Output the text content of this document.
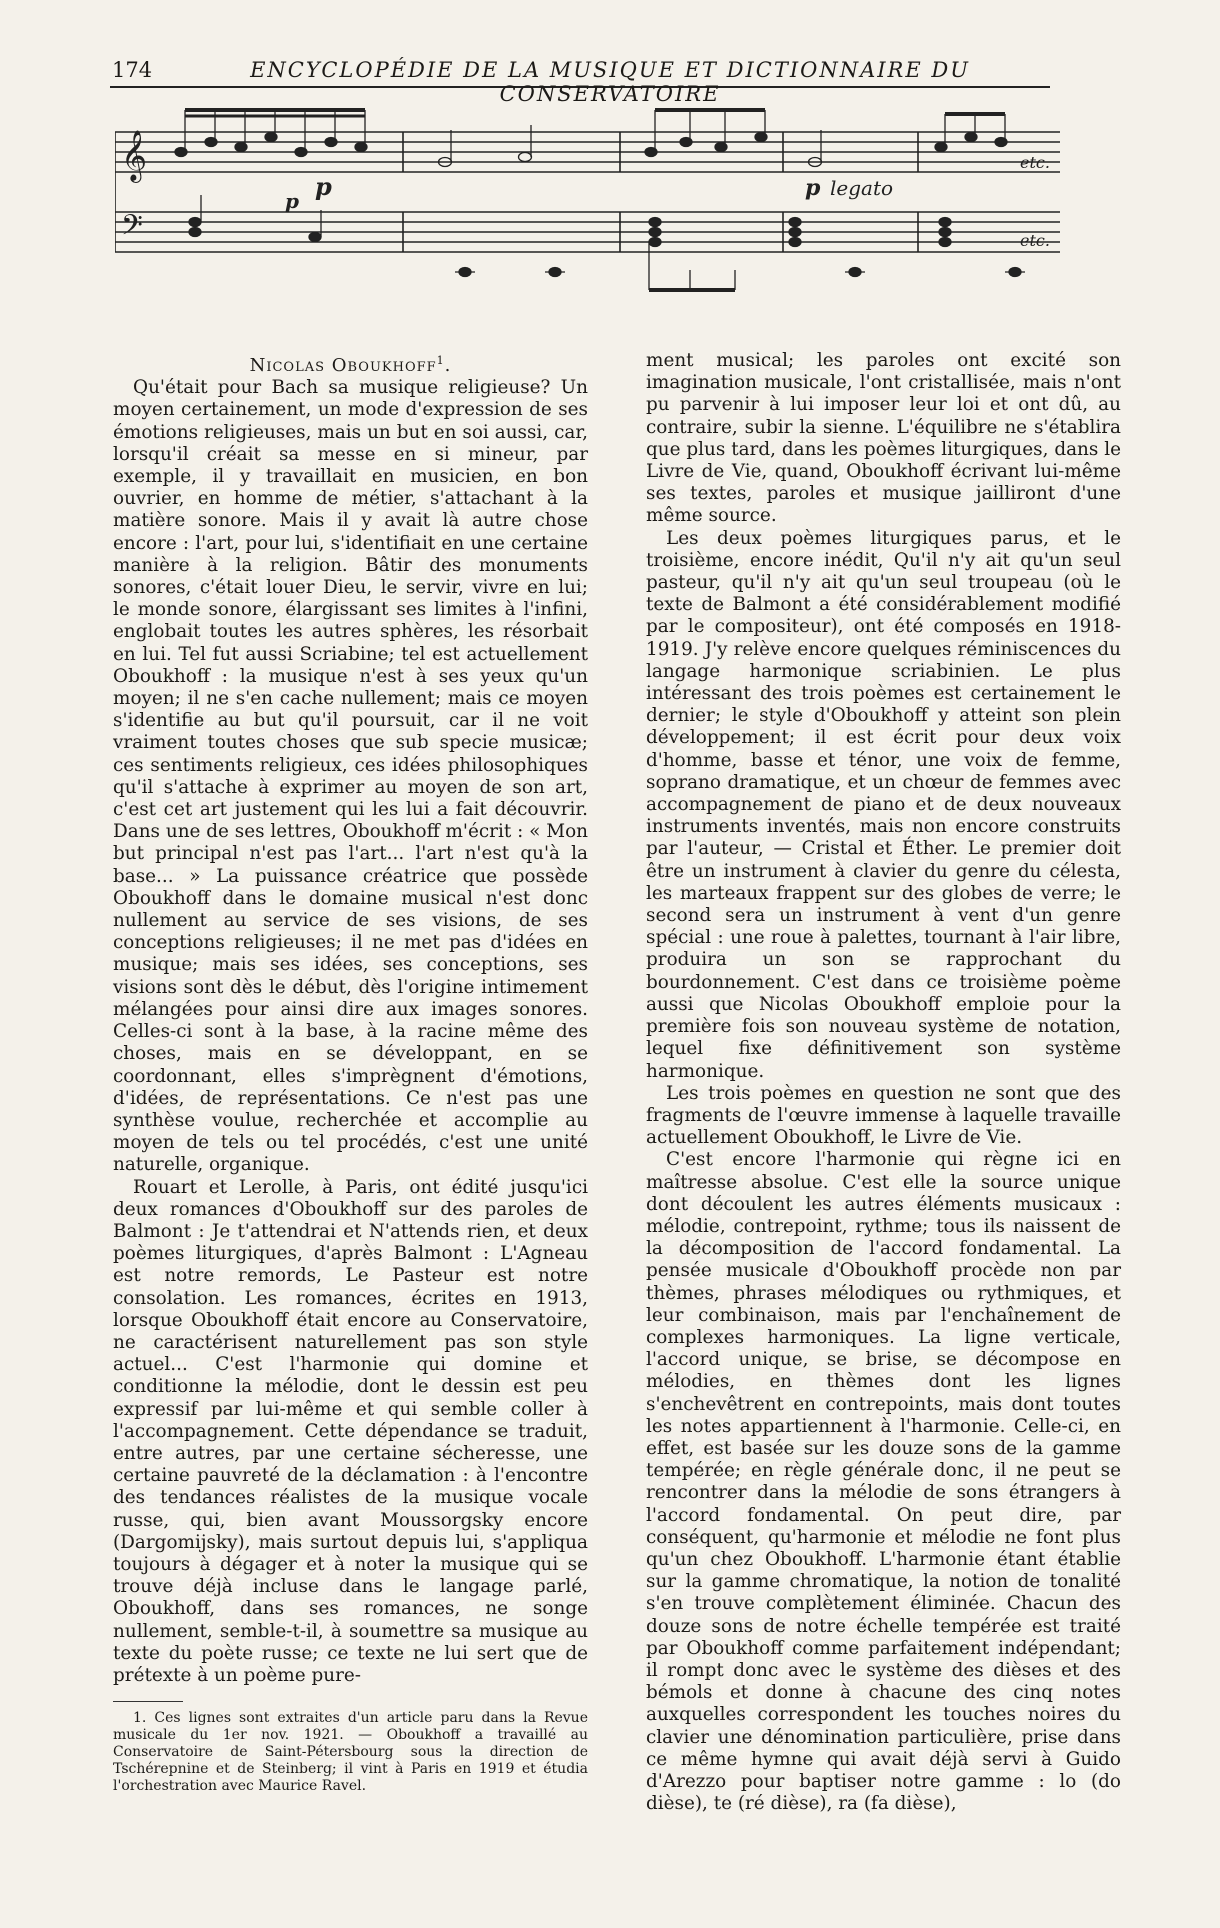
174	ENCYCLOPÉDIE DE LA MUSIQUE ET DICTIONNAIRE DU CONSERVATOIRE
𝄞
𝄢
p
p	p legato
etc.
etc.

Nicolas Oboukhoff$^1$.

Qu'était pour Bach sa musique religieuse? Un moyen certainement, un mode d'expression de ses émotions religieuses, mais un but en soi aussi, car, lorsqu'il créait sa messe en si mineur, par exemple, il y travaillait en musicien, en bon ouvrier, en homme de métier, s'attachant à la matière sonore. Mais il y avait là autre chose encore : l'art, pour lui, s'identifiait en une certaine manière à la religion. Bâtir des monuments sonores, c'était louer Dieu, le servir, vivre en lui; le monde sonore, élargissant ses limites à l'infini, englobait toutes les autres sphères, les résorbait en lui. Tel fut aussi Scriabine; tel est actuellement Oboukhoff : la musique n'est à ses yeux qu'un moyen; il ne s'en cache nullement; mais ce moyen s'identifie au but qu'il poursuit, car il ne voit vraiment toutes choses que sub specie musicæ; ces sentiments religieux, ces idées philosophiques qu'il s'attache à exprimer au moyen de son art, c'est cet art justement qui les lui a fait découvrir. Dans une de ses lettres, Oboukhoff m'écrit : « Mon but principal n'est pas l'art... l'art n'est qu'à la base... » La puissance créatrice que possède Oboukhoff dans le domaine musical n'est donc nullement au service de ses visions, de ses conceptions religieuses; il ne met pas d'idées en musique; mais ses idées, ses conceptions, ses visions sont dès le début, dès l'origine intimement mélangées pour ainsi dire aux images sonores. Celles-ci sont à la base, à la racine même des choses, mais en se développant, en se coordonnant, elles s'imprègnent d'émotions, d'idées, de représentations. Ce n'est pas une synthèse voulue, recherchée et accomplie au moyen de tels ou tel procédés, c'est une unité naturelle, organique.

Rouart et Lerolle, à Paris, ont édité jusqu'ici deux romances d'Oboukhoff sur des paroles de Balmont : Je t'attendrai et N'attends rien, et deux poèmes liturgiques, d'après Balmont : L'Agneau est notre remords, Le Pasteur est notre consolation. Les romances, écrites en 1913, lorsque Oboukhoff était encore au Conservatoire, ne caractérisent naturellement pas son style actuel... C'est l'harmonie qui domine et conditionne la mélodie, dont le dessin est peu expressif par lui-même et qui semble coller à l'accompagnement. Cette dépendance se traduit, entre autres, par une certaine sécheresse, une certaine pauvreté de la déclamation : à l'encontre des tendances réalistes de la musique vocale russe, qui, bien avant Moussorgsky encore (Dargomijsky), mais surtout depuis lui, s'appliqua toujours à dégager et à noter la musique qui se trouve déjà incluse dans le langage parlé, Oboukhoff, dans ses romances, ne songe nullement, semble-t-il, à soumettre sa musique au texte du poète russe; ce texte ne lui sert que de prétexte à un poème pure-

1. Ces lignes sont extraites d'un article paru dans la Revue musicale du 1er nov. 1921. — Oboukhoff a travaillé au Conservatoire de Saint-Pétersbourg sous la direction de Tschérepnine et de Steinberg; il vint à Paris en 1919 et étudia l'orchestration avec Maurice Ravel.

ment musical; les paroles ont excité son imagination musicale, l'ont cristallisée, mais n'ont pu parvenir à lui imposer leur loi et ont dû, au contraire, subir la sienne. L'équilibre ne s'établira que plus tard, dans les poèmes liturgiques, dans le Livre de Vie, quand, Oboukhoff écrivant lui-même ses textes, paroles et musique jailliront d'une même source.

Les deux poèmes liturgiques parus, et le troisième, encore inédit, Qu'il n'y ait qu'un seul pasteur, qu'il n'y ait qu'un seul troupeau (où le texte de Balmont a été considérablement modifié par le compositeur), ont été composés en 1918-1919. J'y relève encore quelques réminiscences du langage harmonique scriabinien. Le plus intéressant des trois poèmes est certainement le dernier; le style d'Oboukhoff y atteint son plein développement; il est écrit pour deux voix d'homme, basse et ténor, une voix de femme, soprano dramatique, et un chœur de femmes avec accompagnement de piano et de deux nouveaux instruments inventés, mais non encore construits par l'auteur, — Cristal et Éther. Le premier doit être un instrument à clavier du genre du célesta, les marteaux frappent sur des globes de verre; le second sera un instrument à vent d'un genre spécial : une roue à palettes, tournant à l'air libre, produira un son se rapprochant du bourdonnement. C'est dans ce troisième poème aussi que Nicolas Oboukhoff emploie pour la première fois son nouveau système de notation, lequel fixe définitivement son système harmonique.

Les trois poèmes en question ne sont que des fragments de l'œuvre immense à laquelle travaille actuellement Oboukhoff, le Livre de Vie.

C'est encore l'harmonie qui règne ici en maîtresse absolue. C'est elle la source unique dont découlent les autres éléments musicaux : mélodie, contrepoint, rythme; tous ils naissent de la décomposition de l'accord fondamental. La pensée musicale d'Oboukhoff procède non par thèmes, phrases mélodiques ou rythmiques, et leur combinaison, mais par l'enchaînement de complexes harmoniques. La ligne verticale, l'accord unique, se brise, se décompose en mélodies, en thèmes dont les lignes s'enchevêtrent en contrepoints, mais dont toutes les notes appartiennent à l'harmonie. Celle-ci, en effet, est basée sur les douze sons de la gamme tempérée; en règle générale donc, il ne peut se rencontrer dans la mélodie de sons étrangers à l'accord fondamental. On peut dire, par conséquent, qu'harmonie et mélodie ne font plus qu'un chez Oboukhoff. L'harmonie étant établie sur la gamme chromatique, la notion de tonalité s'en trouve complètement éliminée. Chacun des douze sons de notre échelle tempérée est traité par Oboukhoff comme parfaitement indépendant; il rompt donc avec le système des dièses et des bémols et donne à chacune des cinq notes auxquelles correspondent les touches noires du clavier une dénomination particulière, prise dans ce même hymne qui avait déjà servi à Guido d'Arezzo pour baptiser notre gamme : lo (do dièse), te (ré dièse), ra (fa dièse),
